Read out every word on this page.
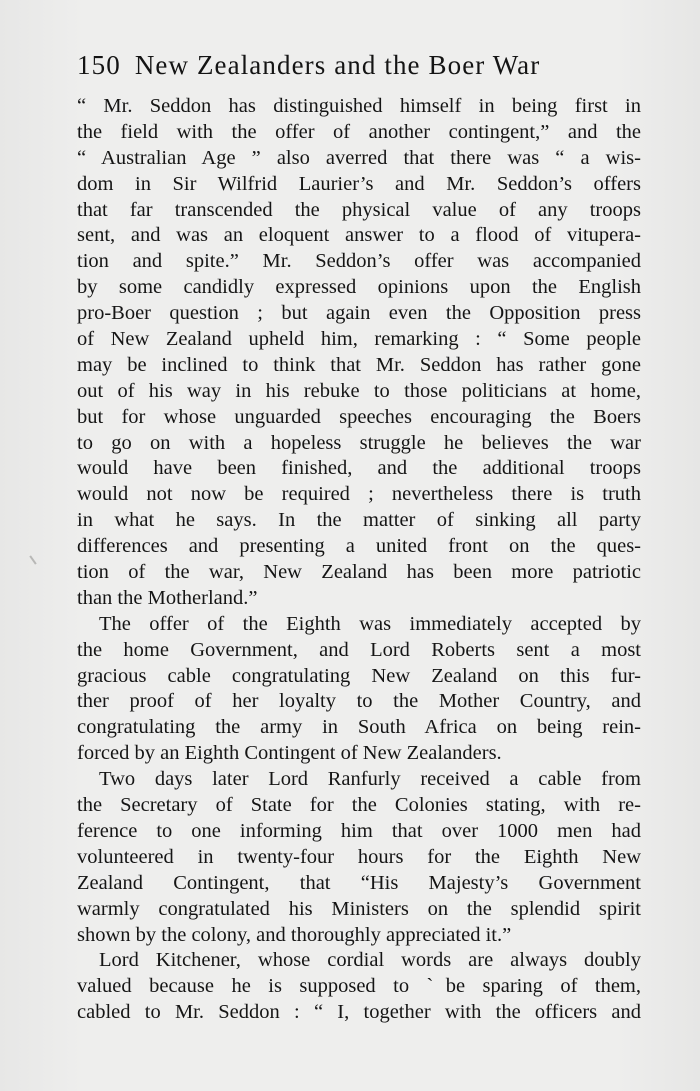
150 New Zealanders and the Boer War
“ Mr. Seddon has distinguished himself in being first in
the field with the offer of another contingent,” and the
“ Australian Age ” also averred that there was “ a wis-
dom in Sir Wilfrid Laurier’s and Mr. Seddon’s offers
that far transcended the physical value of any troops
sent, and was an eloquent answer to a flood of vitupera-
tion and spite.” Mr. Seddon’s offer was accompanied
by some candidly expressed opinions upon the English
pro-Boer question ; but again even the Opposition press
of New Zealand upheld him, remarking : “ Some people
may be inclined to think that Mr. Seddon has rather gone
out of his way in his rebuke to those politicians at home,
but for whose unguarded speeches encouraging the Boers
to go on with a hopeless struggle he believes the war
would have been finished, and the additional troops
would not now be required ; nevertheless there is truth
in what he says. In the matter of sinking all party
differences and presenting a united front on the ques-
tion of the war, New Zealand has been more patriotic
than the Motherland.”
The offer of the Eighth was immediately accepted by
the home Government, and Lord Roberts sent a most
gracious cable congratulating New Zealand on this fur-
ther proof of her loyalty to the Mother Country, and
congratulating the army in South Africa on being rein-
forced by an Eighth Contingent of New Zealanders.
Two days later Lord Ranfurly received a cable from
the Secretary of State for the Colonies stating, with re-
ference to one informing him that over 1000 men had
volunteered in twenty-four hours for the Eighth New
Zealand Contingent, that “His Majesty’s Government
warmly congratulated his Ministers on the splendid spirit
shown by the colony, and thoroughly appreciated it.”
Lord Kitchener, whose cordial words are always doubly
valued because he is supposed to ˋbe sparing of them,
cabled to Mr. Seddon : “ I, together with the officers and
